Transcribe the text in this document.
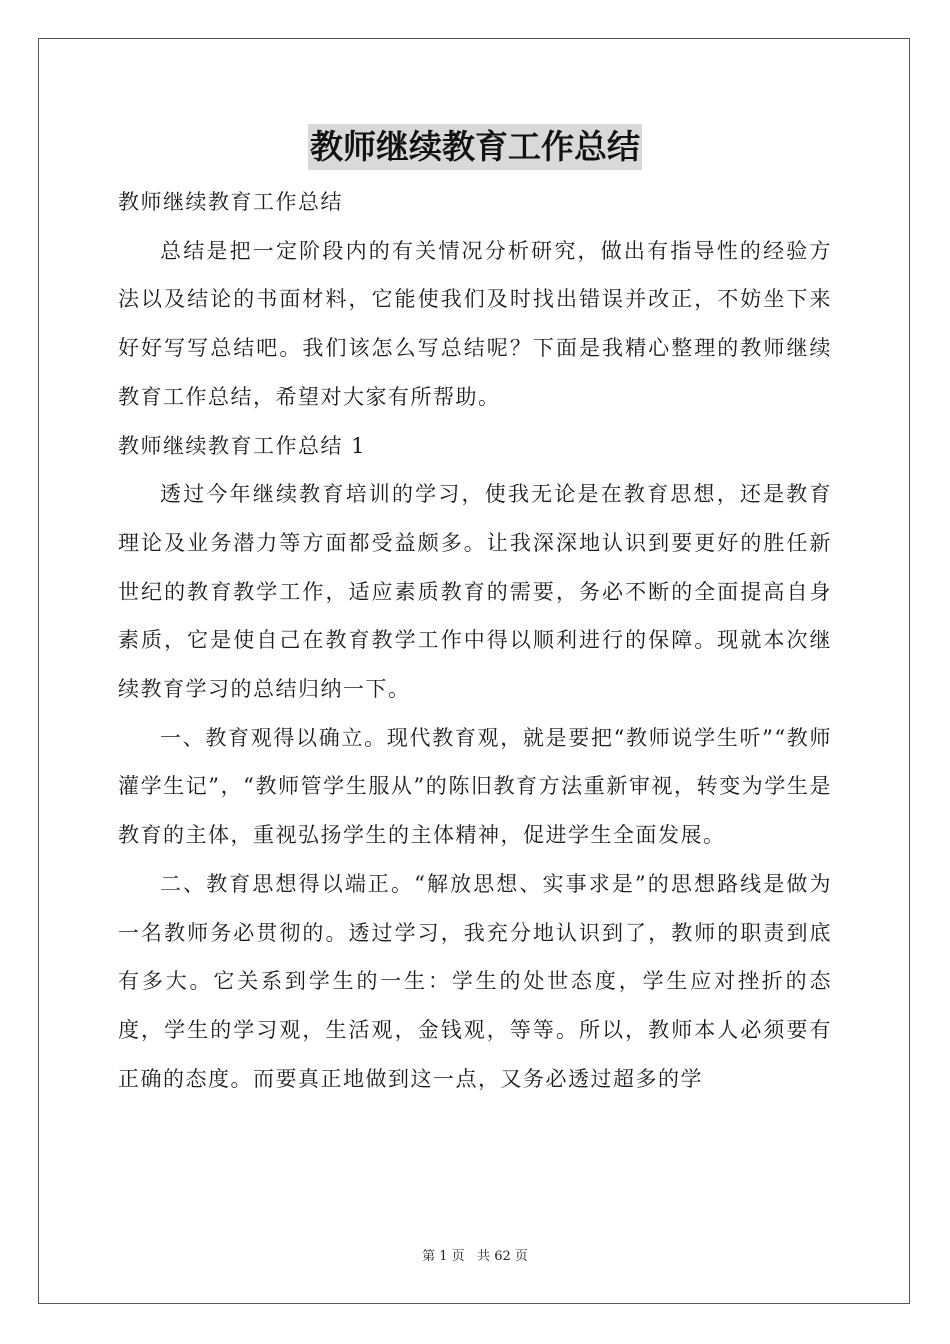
教师继续教育工作总结

教师继续教育工作总结

总结是把一定阶段内的有关情况分析研究，做出有指导性的经验方法以及结论的书面材料，它能使我们及时找出错误并改正，不妨坐下来好好写写总结吧。我们该怎么写总结呢？下面是我精心整理的教师继续教育工作总结，希望对大家有所帮助。

教师继续教育工作总结 1

透过今年继续教育培训的学习，使我无论是在教育思想，还是教育理论及业务潜力等方面都受益颇多。让我深深地认识到要更好的胜任新世纪的教育教学工作，适应素质教育的需要，务必不断的全面提高自身素质，它是使自己在教育教学工作中得以顺利进行的保障。现就本次继续教育学习的总结归纳一下。

一、教育观得以确立。现代教育观，就是要把“教师说学生听”“教师灌学生记”，“教师管学生服从”的陈旧教育方法重新审视，转变为学生是教育的主体，重视弘扬学生的主体精神，促进学生全面发展。

二、教育思想得以端正。“解放思想、实事求是”的思想路线是做为一名教师务必贯彻的。透过学习，我充分地认识到了，教师的职责到底有多大。它关系到学生的一生：学生的处世态度，学生应对挫折的态度，学生的学习观，生活观，金钱观，等等。所以，教师本人必须要有正确的态度。而要真正地做到这一点，又务必透过超多的学

第 1 页   共 62 页
